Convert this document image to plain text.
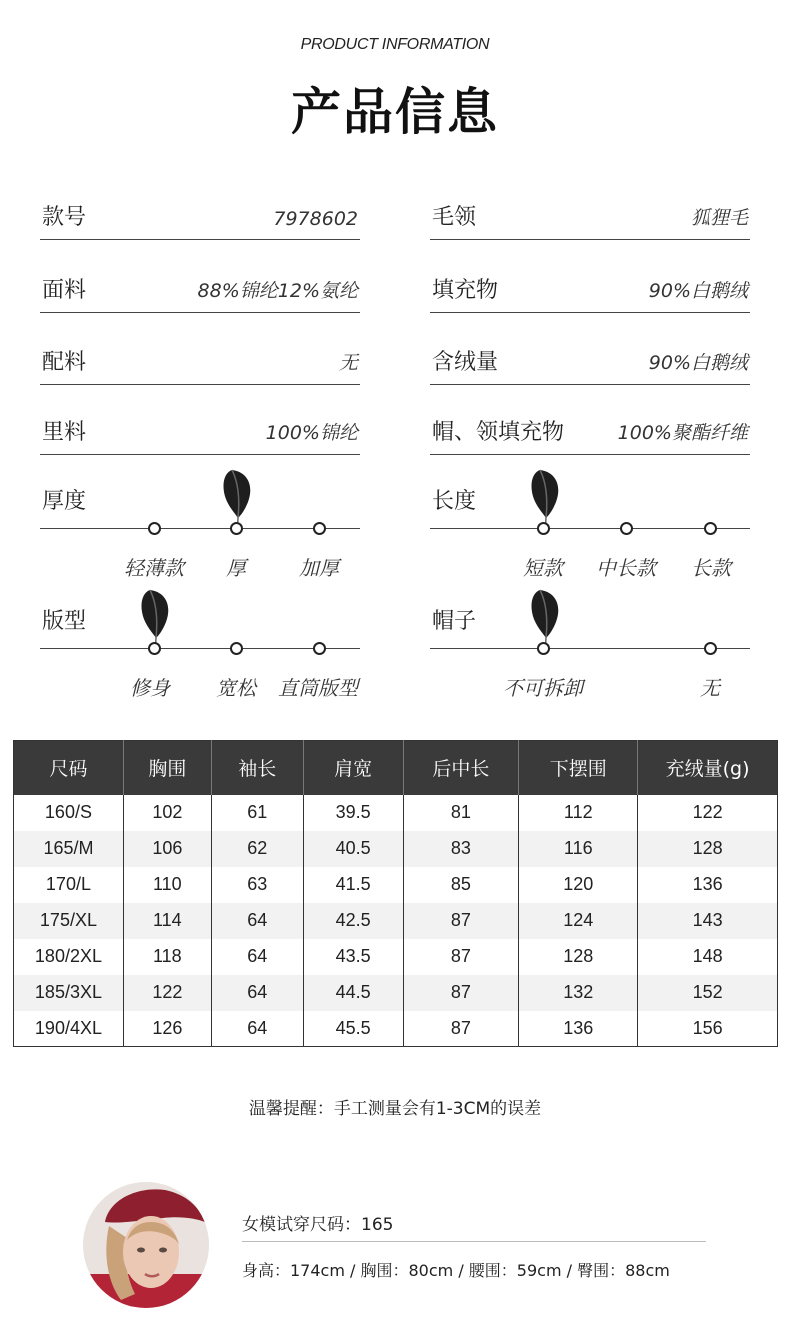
PRODUCT INFORMATION
产品信息
款号	7978602	毛领	狐狸毛
面料	88%锦纶12%氨纶	填充物	90%白鹅绒
配料	无	含绒量	90%白鹅绒
里料	100%锦纶	帽、领填充物	100%聚酯纤维
厚度
轻薄款 厚	加厚
长度
短款 中长款 长款
版型
修身 宽松 直筒版型
帽子
不可拆卸	无
尺码	胸围	袖长	肩宽	后中长	下摆围	充绒量(g)
160/S	102	61	39.5	81	112	122
165/M	106	62	40.5	83	116	128
170/L	110	63	41.5	85	120	136
175/XL	114	64	42.5	87	124	143
180/2XL	118	64	43.5	87	128	148
185/3XL	122	64	44.5	87	132	152
190/4XL	126	64	45.5	87	136	156
温馨提醒：手工测量会有1-3CM的误差
女模试穿尺码：165
身高：174cm / 胸围：80cm / 腰围：59cm / 臀围：88cm
